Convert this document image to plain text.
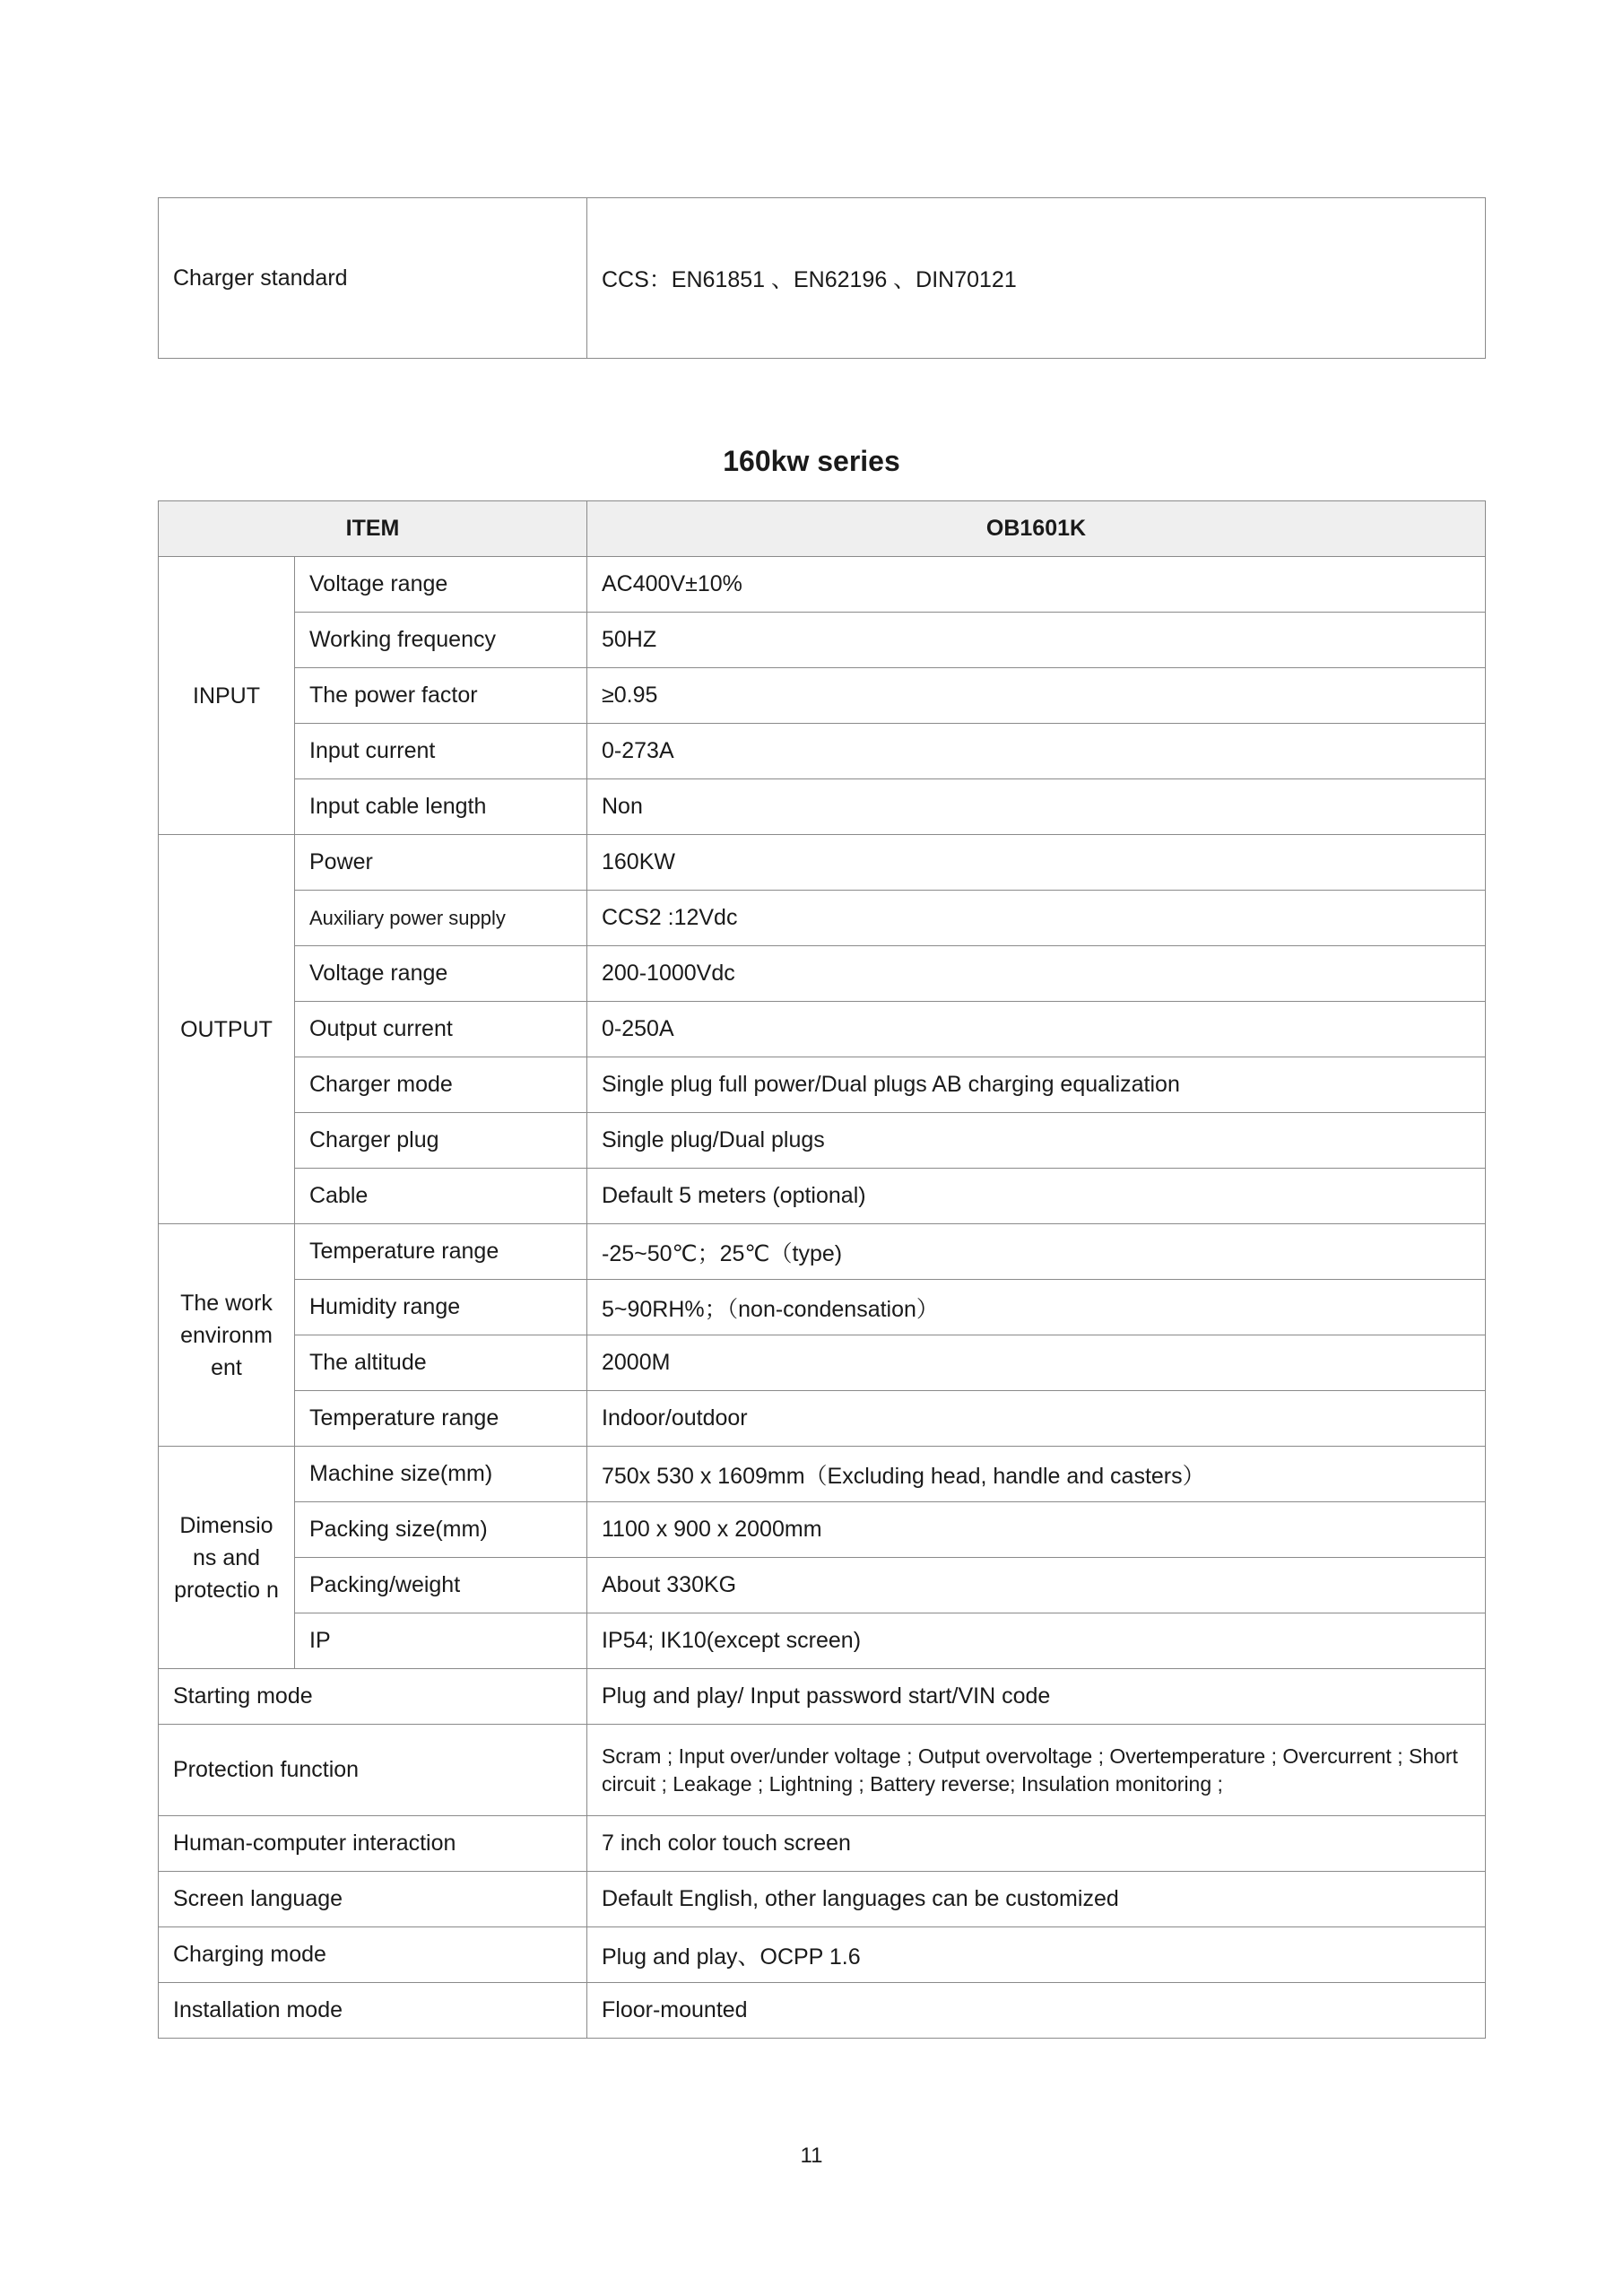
Charger standard	CCS：EN61851 、EN62196 、DIN70121
160kw series
ITEM		OB1601K
INPUT	Voltage range	AC400V±10%
	Working frequency	50HZ
	The power factor	≥0.95
	Input current	0-273A
	Input cable length	Non
OUTPUT	Power	160KW
	Auxiliary power supply	CCS2 :12Vdc
	Voltage range	200-1000Vdc
	Output current	0-250A
	Charger mode	Single plug full power/Dual plugs AB charging equalization
	Charger plug	Single plug/Dual plugs
	Cable	Default 5 meters (optional)
The work environm ent	Temperature range	-25~50℃；25℃（type)
	Humidity range	5~90RH%；（non-condensation）
	The altitude	2000M
	Temperature range	Indoor/outdoor
Dimensio ns and protectio n	Machine size(mm)	750x 530 x 1609mm（Excluding head, handle and casters）
	Packing size(mm)	1100 x 900 x 2000mm
	Packing/weight	About 330KG
	IP	IP54; IK10(except screen)
Starting mode		Plug and play/ Input password start/VIN code
Protection function		Scram ; Input over/under voltage ; Output overvoltage ; Overtemperature ; Overcurrent ; Short circuit ; Leakage ; Lightning ; Battery reverse; Insulation monitoring ;
Human-computer interaction		7 inch color touch screen
Screen language		Default English, other languages can be customized
Charging mode		Plug and play、OCPP 1.6
Installation mode		Floor-mounted
11
